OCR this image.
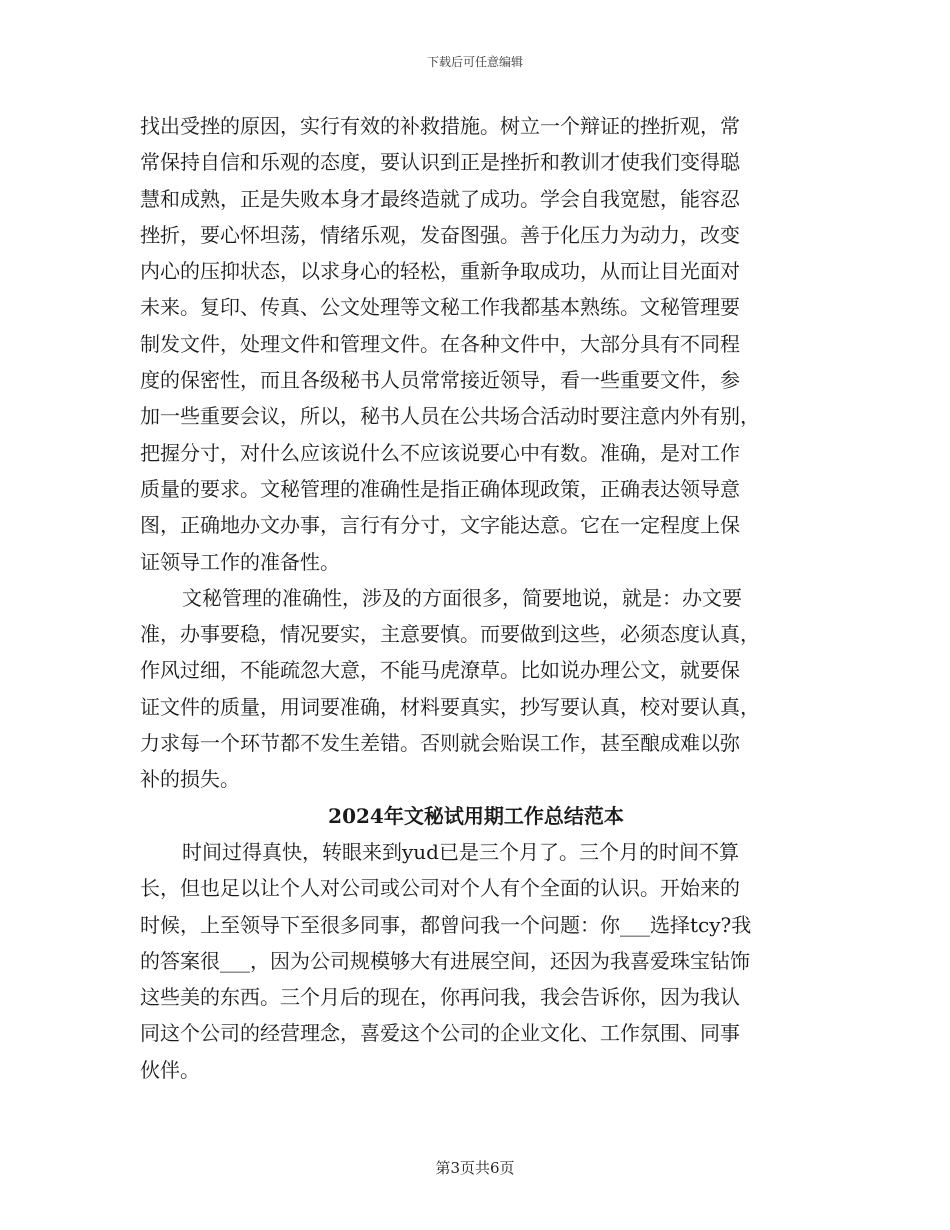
下载后可任意编辑
找出受挫的原因，实行有效的补救措施。树立一个辩证的挫折观，常
常保持自信和乐观的态度，要认识到正是挫折和教训才使我们变得聪
慧和成熟，正是失败本身才最终造就了成功。学会自我宽慰，能容忍
挫折，要心怀坦荡，情绪乐观，发奋图强。善于化压力为动力，改变
内心的压抑状态，以求身心的轻松，重新争取成功，从而让目光面对
未来。复印、传真、公文处理等文秘工作我都基本熟练。文秘管理要
制发文件，处理文件和管理文件。在各种文件中，大部分具有不同程
度的保密性，而且各级秘书人员常常接近领导，看一些重要文件，参
加一些重要会议，所以，秘书人员在公共场合活动时要注意内外有别，
把握分寸，对什么应该说什么不应该说要心中有数。准确，是对工作
质量的要求。文秘管理的准确性是指正确体现政策，正确表达领导意
图，正确地办文办事，言行有分寸，文字能达意。它在一定程度上保
证领导工作的准备性。
文秘管理的准确性，涉及的方面很多，简要地说，就是：办文要
准，办事要稳，情况要实，主意要慎。而要做到这些，必须态度认真，
作风过细，不能疏忽大意，不能马虎潦草。比如说办理公文，就要保
证文件的质量，用词要准确，材料要真实，抄写要认真，校对要认真，
力求每一个环节都不发生差错。否则就会贻误工作，甚至酿成难以弥
补的损失。
2024年文秘试用期工作总结范本
时间过得真快，转眼来到yud已是三个月了。三个月的时间不算
长，但也足以让个人对公司或公司对个人有个全面的认识。开始来的
时候，上至领导下至很多同事，都曾问我一个问题：你___选择tcy?我
的答案很___，因为公司规模够大有进展空间，还因为我喜爱珠宝钻饰
这些美的东西。三个月后的现在，你再问我，我会告诉你，因为我认
同这个公司的经营理念，喜爱这个公司的企业文化、工作氛围、同事
伙伴。
第3页共6页
